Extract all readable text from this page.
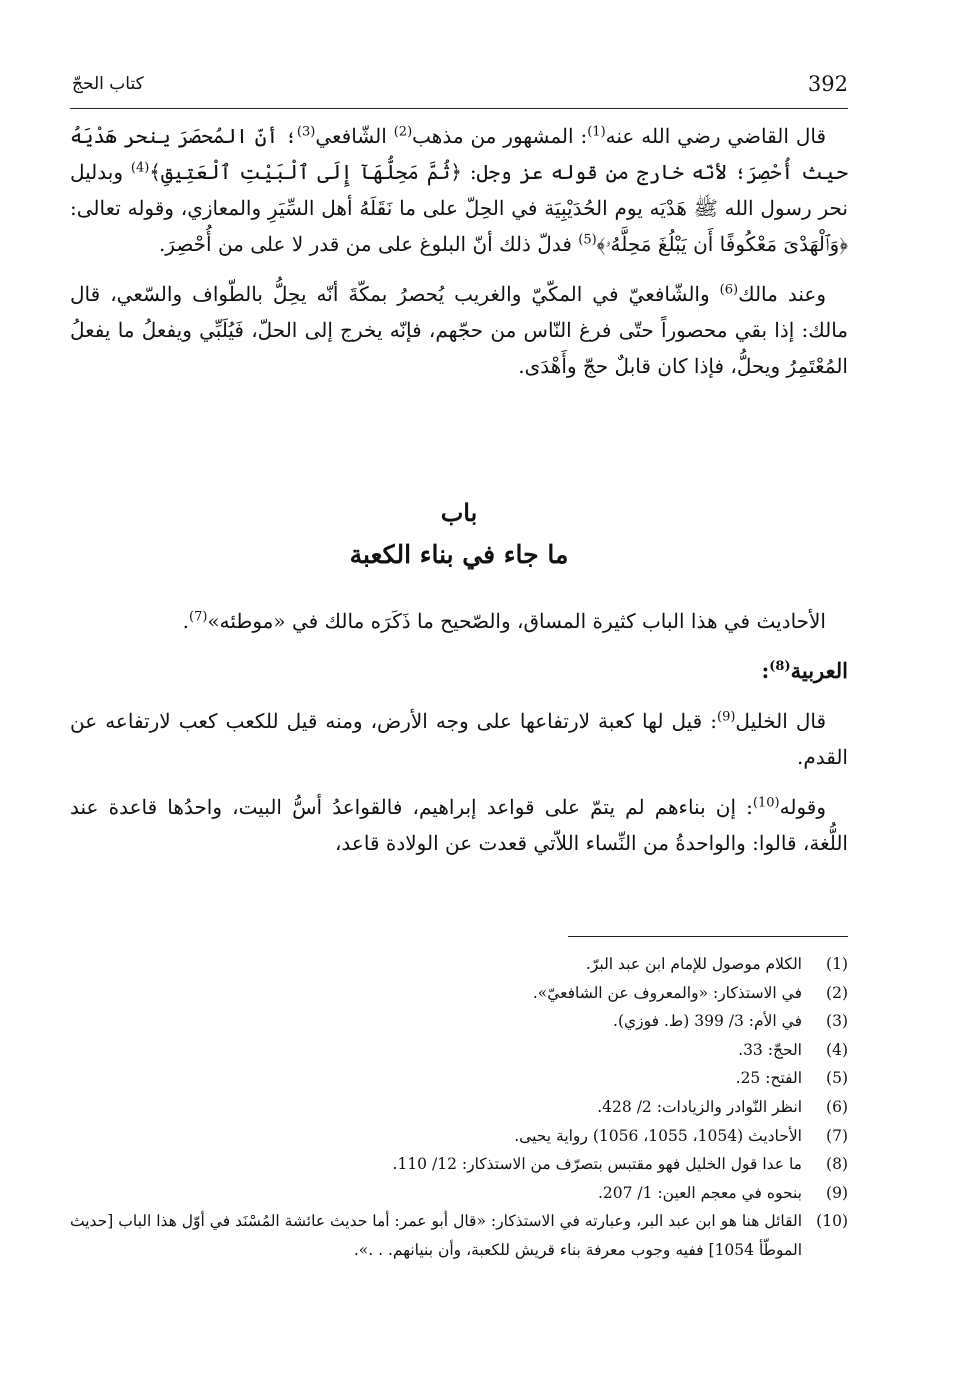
392
كتاب الحجّ

قال القاضي رضي الله عنه$^{(1)}$: المشهور من مذهب$^{(2)}$ الشّافعي$^{(3)}$؛ أنّ المُحصَرَ ينحر هَدْيَهُ حيث أُحْصِرَ؛ لأنّه خارج من قوله عز وجل: ﴿ثُمَّ مَحِلُّهَآ إِلَى ٱلْبَيْتِ ٱلْعَتِيقِ﴾$^{(4)}$ وبدليل نحر رسول الله ﷺ هَدْيَه يوم الحُدَيْبِيَة في الحِلّ على ما نَقَلَهُ أهل السِّيَرِ والمعازي، وقوله تعالى: ﴿وَٱلْهَدْىَ مَعْكُوفًا أَن يَبْلُغَ مَحِلَّهُۥ﴾$^{(5)}$ فدلّ ذلك أنّ البلوغ على من قدر لا على من أُحْصِرَ.

وعند مالك$^{(6)}$ والشّافعيّ في المكّيّ والغريب يُحصرُ بمكّةَ أنّه يحِلُّ بالطّواف والسّعي، قال مالك: إذا بقي محصوراً حتّى فرغ النّاس من حجّهم، فإنّه يخرج إلى الحلّ، فَيُلَبِّي ويفعلُ ما يفعلُ المُعْتَمِرُ ويحلُّ، فإذا كان قابلٌ حجّ وأَهْدَى.

باب
ما جاء في بناء الكعبة

الأحاديث في هذا الباب كثيرة المساق، والصّحيح ما ذَكَرَه مالك في «موطئه»$^{(7)}$.

العربية$^{(8)}$:

قال الخليل$^{(9)}$: قيل لها كعبة لارتفاعها على وجه الأرض، ومنه قيل للكعب كعب لارتفاعه عن القدم.

وقوله$^{(10)}$: إن بناءهم لم يتمّ على قواعد إبراهيم، فالقواعدُ أسُّ البيت، واحدُها قاعدة عند اللُّغة، قالوا: والواحدةُ من النِّساء اللاّتي قعدت عن الولادة قاعد،

(1)
الكلام موصول للإمام ابن عبد البرّ.
(2)
في الاستذكار: «والمعروف عن الشافعيّ».
(3)
في الأم: 3/ 399 (ط. فوزي).
(4)
الحجّ: 33.
(5)
الفتح: 25.
(6)
انظر النّوادر والزيادات: 2/ 428.
(7)
الأحاديث (1054، 1055، 1056) رواية يحيى.
(8)
ما عدا قول الخليل فهو مقتبس بتصرّف من الاستذكار: 12/ 110.
(9)
بنحوه في معجم العين: 1/ 207.
(10)
القائل هنا هو ابن عبد البر، وعبارته في الاستذكار: «قال أبو عمر: أما حديث عائشة المُسْنَد في أوّل هذا الباب [حديث الموطّأ 1054] ففيه وجوب معرفة بناء قريش للكعبة، وأن بنيانهم. . .».
